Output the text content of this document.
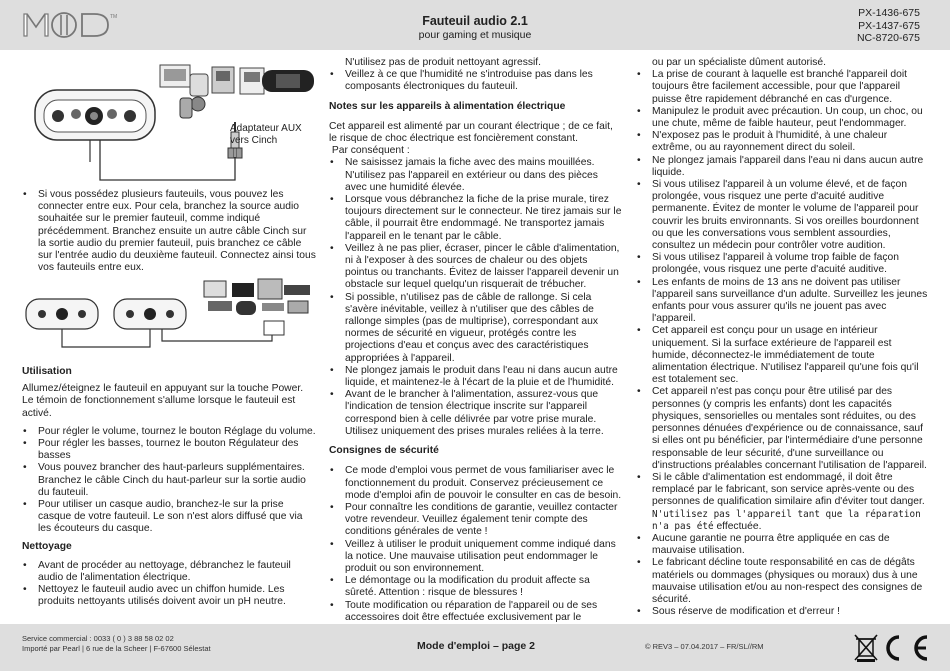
TM	Fauteuil audio 2.1
pour gaming et musique
PX-1436-675
PX-1437-675
NC-8720-675
Adaptateur AUX
vers Cinch
• Si vous possédez plusieurs fauteuils, vous pouvez les connecter entre eux. Pour cela, branchez la source audio souhaitée sur le premier fauteuil, comme indiqué précédemment. Branchez ensuite un autre câble Cinch sur la sortie audio du premier fauteuil, puis branchez ce câble sur l'entrée audio du deuxième fauteuil. Connectez ainsi tous vos fauteuils entre eux.

Utilisation

Allumez/éteignez le fauteuil en appuyant sur la touche Power. Le témoin de fonctionnement s'allume lorsque le fauteuil est activé.

• Pour régler le volume, tournez le bouton Réglage du volume.
• Pour régler les basses, tournez le bouton Régulateur des basses
• Vous pouvez brancher des haut-parleurs supplémentaires. Branchez le câble Cinch du haut-parleur sur la sortie audio du fauteuil.
• Pour utiliser un casque audio, branchez-le sur la prise casque de votre fauteuil. Le son n'est alors diffusé que via les écouteurs du casque.

Nettoyage

• Avant de procéder au nettoyage, débranchez le fauteuil audio de l'alimentation électrique.
• Nettoyez le fauteuil audio avec un chiffon humide. Les produits nettoyants utilisés doivent avoir un pH neutre.

N'utilisez pas de produit nettoyant agressif.

• Veillez à ce que l'humidité ne s'introduise pas dans les composants électroniques du fauteuil.

Notes sur les appareils à alimentation électrique

Cet appareil est alimenté par un courant électrique ; de ce fait, le risque de choc électrique est foncièrement constant.

Par conséquent :

• Ne saisissez jamais la fiche avec des mains mouillées. N'utilisez pas l'appareil en extérieur ou dans des pièces avec une humidité élevée.
• Lorsque vous débranchez la fiche de la prise murale, tirez toujours directement sur le connecteur. Ne tirez jamais sur le câble, il pourrait être endommagé. Ne transportez jamais l'appareil en le tenant par le câble.
• Veillez à ne pas plier, écraser, pincer le câble d'alimentation, ni à l'exposer à des sources de chaleur ou des objets pointus ou tranchants. Évitez de laisser l'appareil devenir un obstacle sur lequel quelqu'un risquerait de trébucher.
• Si possible, n'utilisez pas de câble de rallonge. Si cela s'avère inévitable, veillez à n'utiliser que des câbles de rallonge simples (pas de multiprise), correspondant aux normes de sécurité en vigueur, protégés contre les projections d'eau et conçus avec des caractéristiques appropriées à l'appareil.
• Ne plongez jamais le produit dans l'eau ni dans aucun autre liquide, et maintenez-le à l'écart de la pluie et de l'humidité.
• Avant de le brancher à l'alimentation, assurez-vous que l'indication de tension électrique inscrite sur l'appareil correspond bien à celle délivrée par votre prise murale. Utilisez uniquement des prises murales reliées à la terre.

Consignes de sécurité

• Ce mode d'emploi vous permet de vous familiariser avec le fonctionnement du produit. Conservez précieusement ce mode d'emploi afin de pouvoir le consulter en cas de besoin.
• Pour connaître les conditions de garantie, veuillez contacter votre revendeur. Veuillez également tenir compte des conditions générales de vente !
• Veillez à utiliser le produit uniquement comme indiqué dans la notice. Une mauvaise utilisation peut endommager le produit ou son environnement.
• Le démontage ou la modification du produit affecte sa sûreté. Attention : risque de blessures !
• Toute modification ou réparation de l'appareil ou de ses accessoires doit être effectuée exclusivement par le

ou par un spécialiste dûment autorisé.

• La prise de courant à laquelle est branché l'appareil doit toujours être facilement accessible, pour que l'appareil puisse être rapidement débranché en cas d'urgence.
• Manipulez le produit avec précaution. Un coup, un choc, ou une chute, même de faible hauteur, peut l'endommager.
• N'exposez pas le produit à l'humidité, à une chaleur extrême, ou au rayonnement direct du soleil.
• Ne plongez jamais l'appareil dans l'eau ni dans aucun autre liquide.
• Si vous utilisez l'appareil à un volume élevé, et de façon prolongée, vous risquez une perte d'acuité auditive permanente. Évitez de monter le volume de l'appareil pour couvrir les bruits environnants. Si vos oreilles bourdonnent ou que les conversations vous semblent assourdies, consultez un médecin pour contrôler votre audition.
• Si vous utilisez l'appareil à volume trop faible de façon prolongée, vous risquez une perte d'acuité auditive.
• Les enfants de moins de 13 ans ne doivent pas utiliser l'appareil sans surveillance d'un adulte. Surveillez les jeunes enfants pour vous assurer qu'ils ne jouent pas avec l'appareil.
• Cet appareil est conçu pour un usage en intérieur uniquement. Si la surface extérieure de l'appareil est humide, déconnectez-le immédiatement de toute alimentation électrique. N'utilisez l'appareil qu'une fois qu'il est totalement sec.
• Cet appareil n'est pas conçu pour être utilisé par des personnes (y compris les enfants) dont les capacités physiques, sensorielles ou mentales sont réduites, ou des personnes dénuées d'expérience ou de connaissance, sauf si elles ont pu bénéficier, par l'intermédiaire d'une personne responsable de leur sécurité, d'une surveillance ou d'instructions préalables concernant l'utilisation de l'appareil.
• Si le câble d'alimentation est endommagé, il doit être remplacé par le fabricant, son service après-vente ou des personnes de qualification similaire afin d'éviter tout danger. N'utilisez pas l'appareil tant que la réparation n'a pas été effectuée.
• Aucune garantie ne pourra être appliquée en cas de mauvaise utilisation.
• Le fabricant décline toute responsabilité en cas de dégâts matériels ou dommages (physiques ou moraux) dus à une mauvaise utilisation et/ou au non-respect des consignes de sécurité.
• Sous réserve de modification et d'erreur !
Service commercial : 0033 ( 0 ) 3 88 58 02 02
Importé par Pearl | 6 rue de la Scheer | F-67600 Sélestat	Mode d'emploi – page 2	© REV3 – 07.04.2017 – FR/SL//RM
